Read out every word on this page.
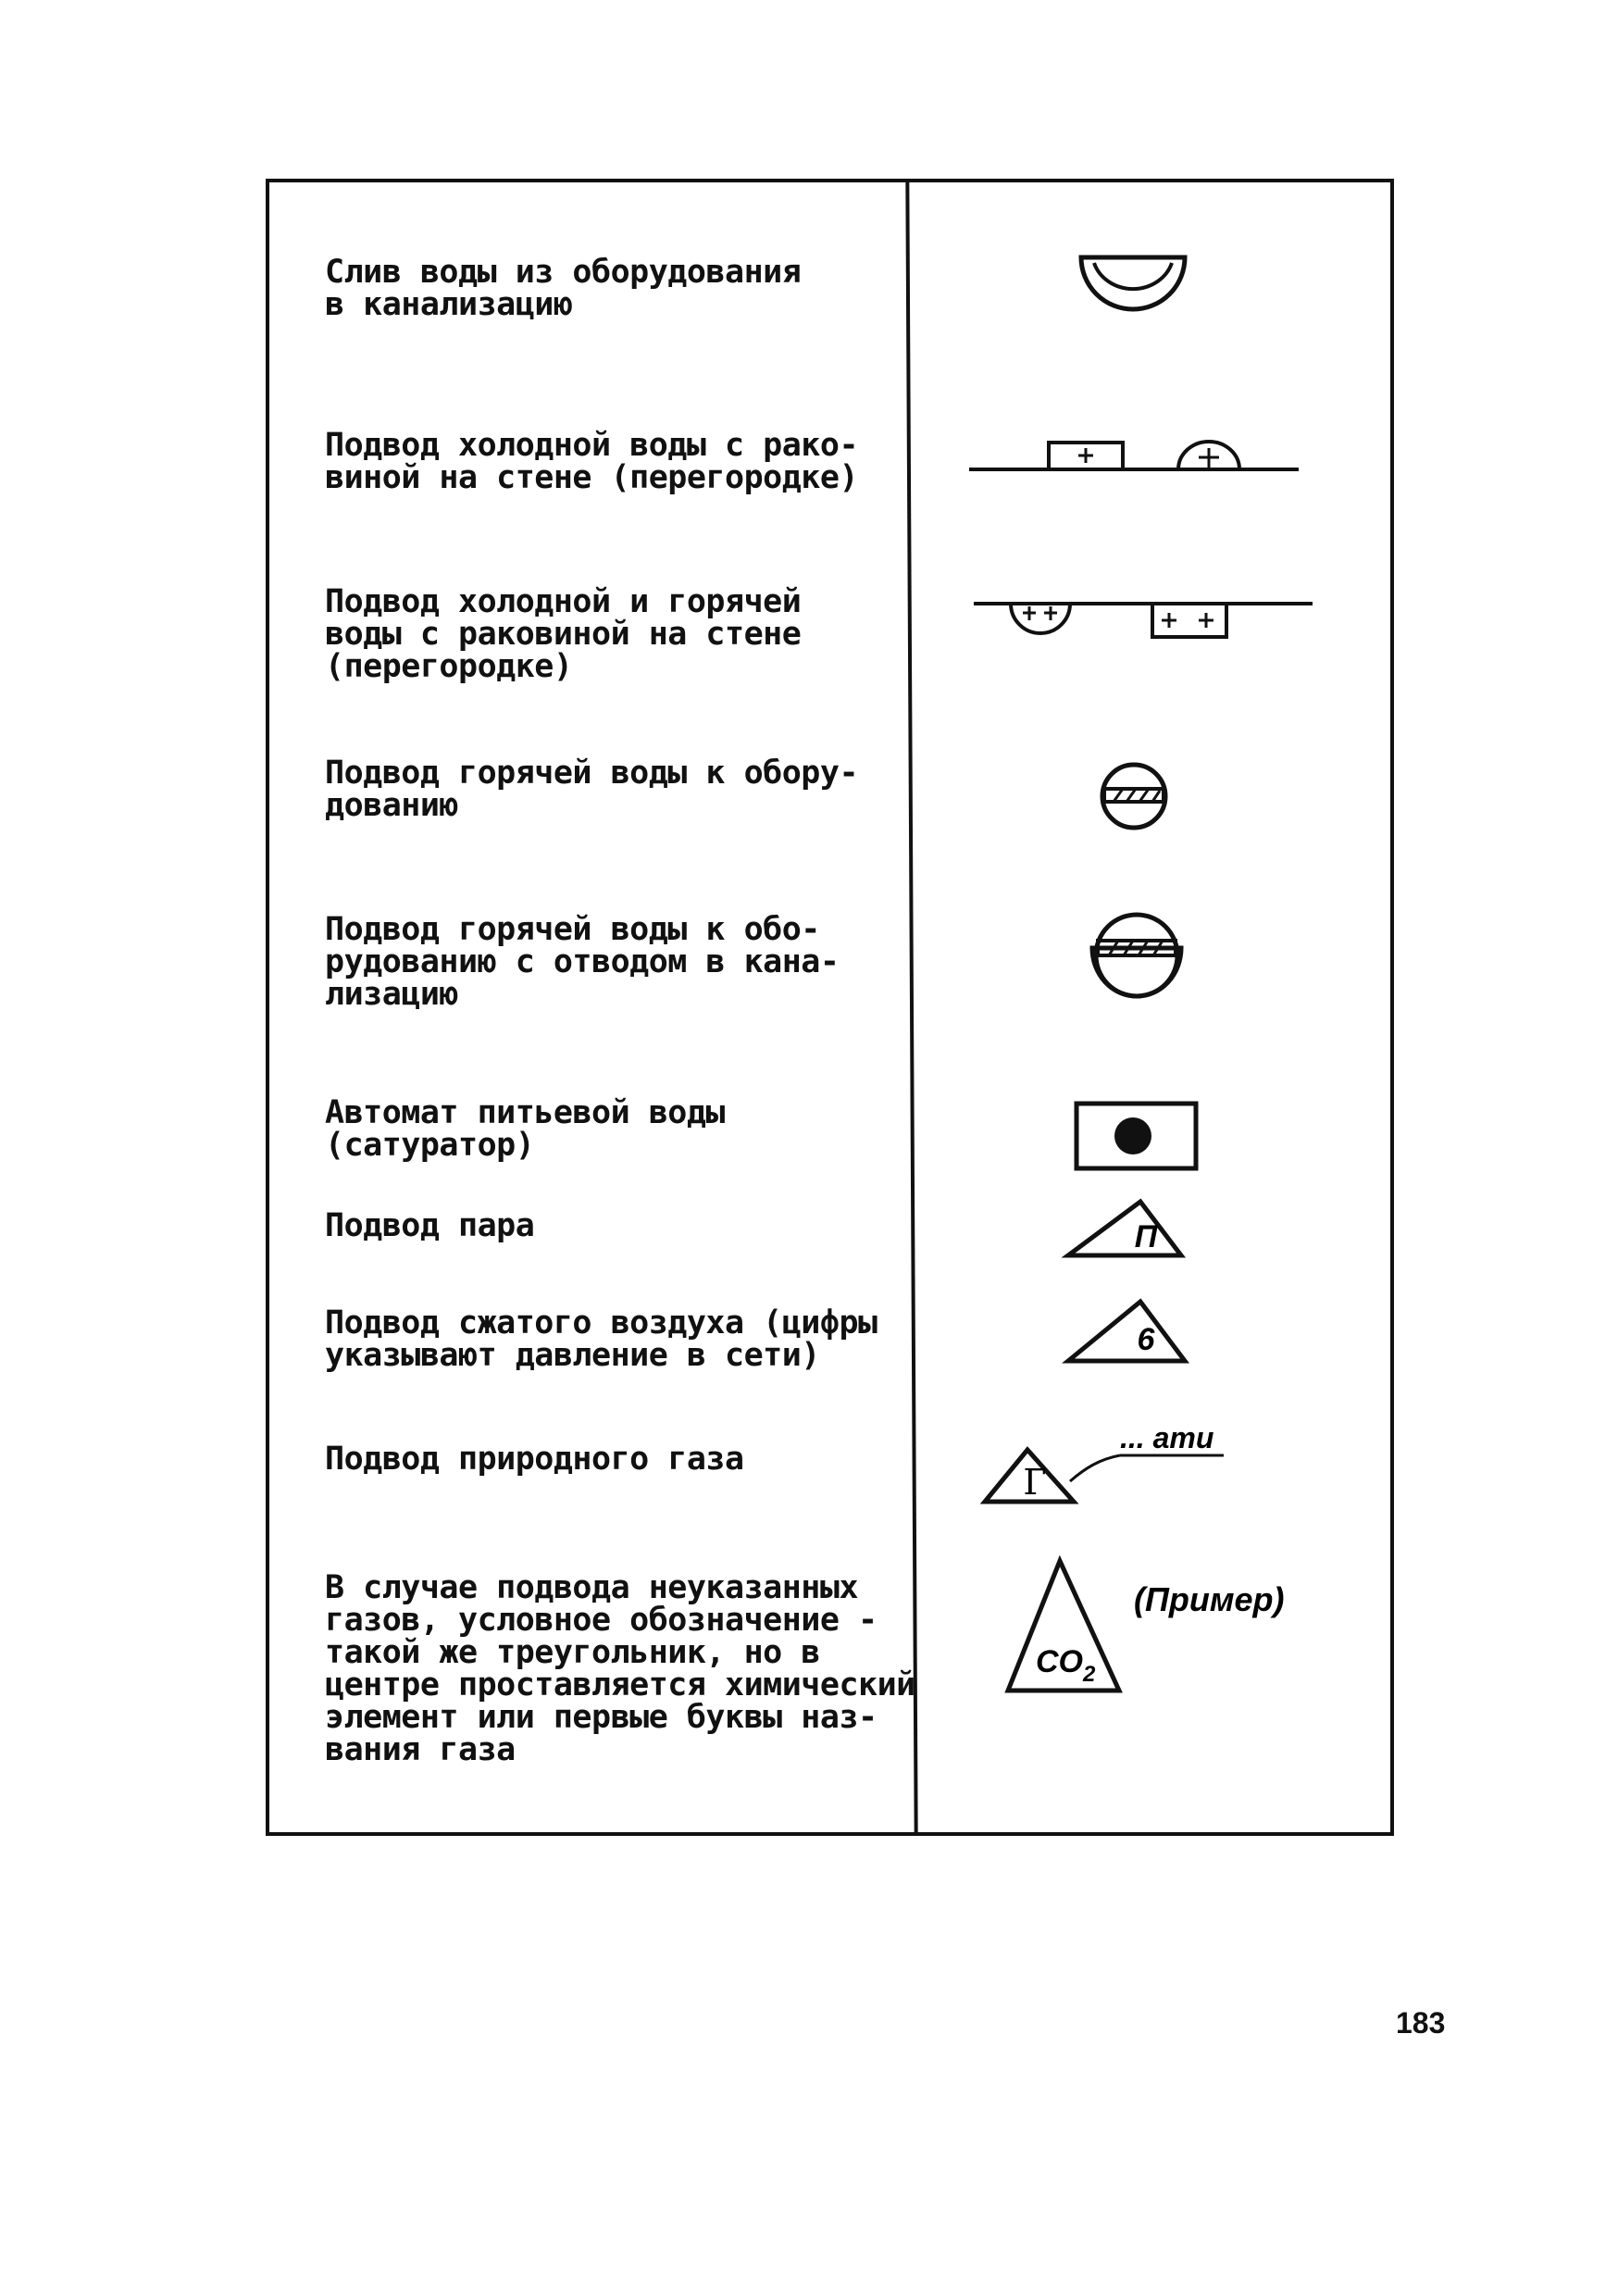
Слив воды из оборудования
в канализацию
Подвод холодной воды с рако-
виной на стене (перегородке)
Подвод холодной и горячей
воды с раковиной на стене
(перегородке)
Подвод горячей воды к обору-
дованию
Подвод горячей воды к обо-
рудованию с отводом в кана-
лизацию
Автомат питьевой воды
(сатуратор)
Подвод пара
Подвод сжатого воздуха (цифры
указывают давление в сети)
Подвод природного газа
В случае подвода неуказанных
газов, условное обозначение -
такой же треугольник, но в
центре проставляется химический
элемент или первые буквы наз-
вания газа
П
6
Г
... ати
$CO_2$
(Пример)
183
